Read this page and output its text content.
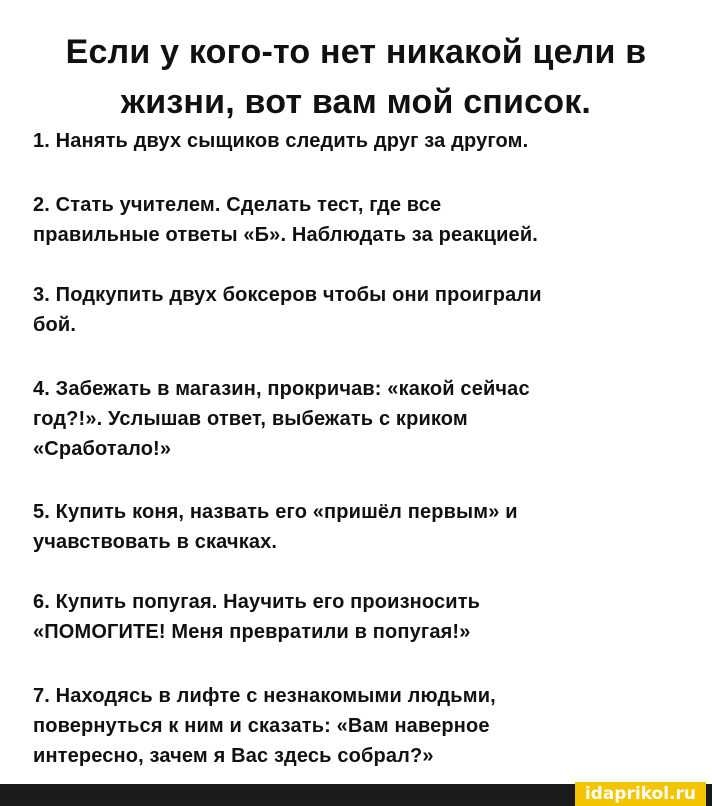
Если у кого-то нет никакой цели в
жизни, вот вам мой список.
1. Нанять двух сыщиков следить друг за другом.
2. Стать учителем. Сделать тест, где все
правильные ответы «Б». Наблюдать за реакцией.
3. Подкупить двух боксеров чтобы они проиграли
бой.
4. Забежать в магазин, прокричав: «какой сейчас
год?!». Услышав ответ, выбежать с криком
«Сработало!»
5. Купить коня, назвать его «пришёл первым» и
учавствовать в скачках.
6. Купить попугая. Научить его произносить
«ПОМОГИТЕ! Меня превратили в попугая!»
7. Находясь в лифте с незнакомыми людьми,
повернуться к ним и сказать: «Вам наверное
интересно, зачем я Вас здесь собрал?»
idaprikol.ru
